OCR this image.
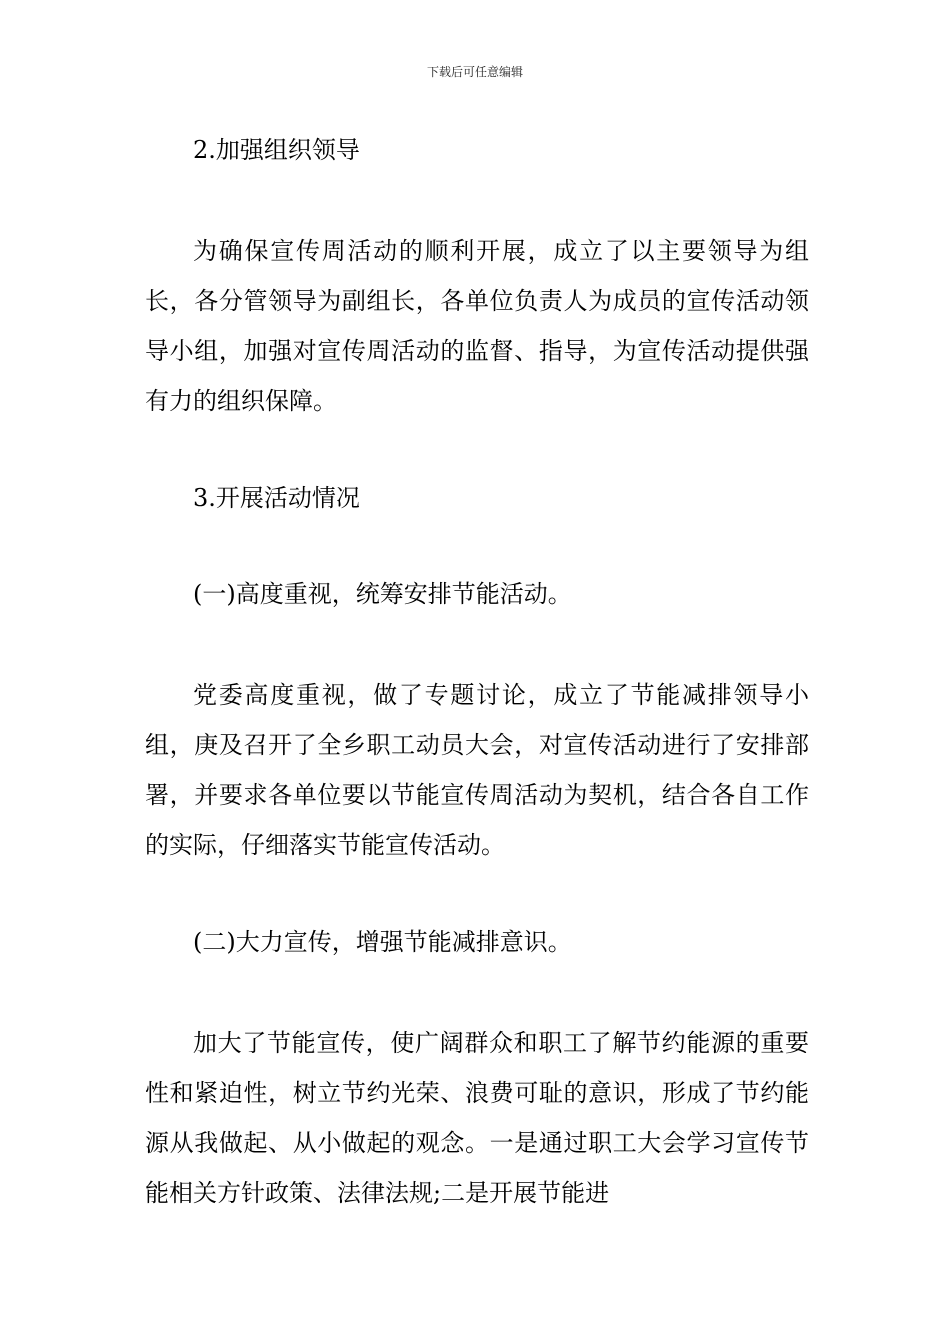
下载后可任意编辑
2.加强组织领导
为确保宣传周活动的顺利开展，成立了以主要领导为组长，各分管领导为副组长，各单位负责人为成员的宣传活动领导小组，加强对宣传周活动的监督、指导，为宣传活动提供强有力的组织保障。
3.开展活动情况
(一)高度重视，统筹安排节能活动。
党委高度重视，做了专题讨论，成立了节能减排领导小组，庚及召开了全乡职工动员大会，对宣传活动进行了安排部署，并要求各单位要以节能宣传周活动为契机，结合各自工作的实际，仔细落实节能宣传活动。
(二)大力宣传，增强节能减排意识。
加大了节能宣传，使广阔群众和职工了解节约能源的重要性和紧迫性，树立节约光荣、浪费可耻的意识，形成了节约能源从我做起、从小做起的观念。一是通过职工大会学习宣传节能相关方针政策、法律法规;二是开展节能进
